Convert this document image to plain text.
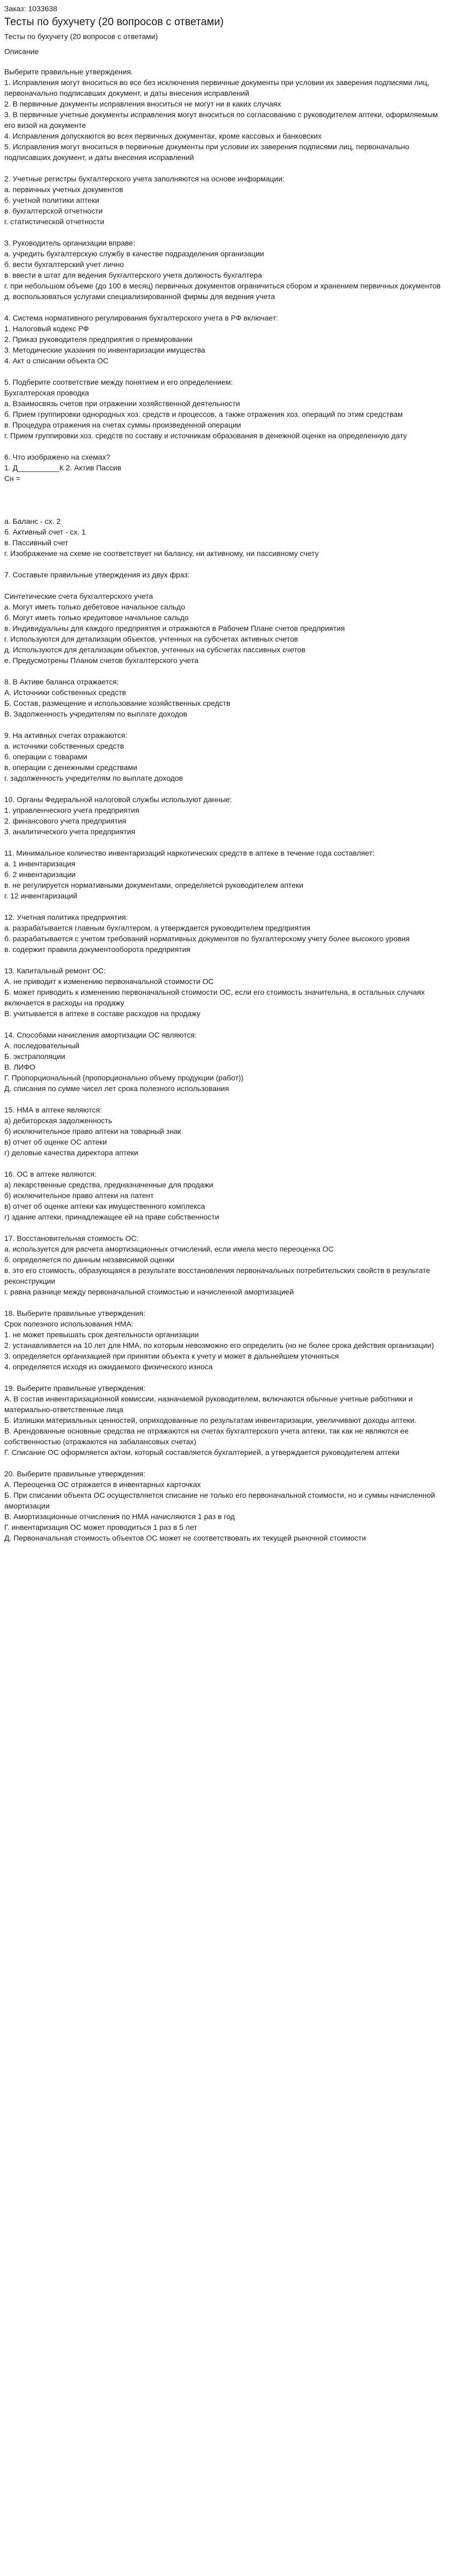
Заказ: 1033638
Тесты по бухучету (20 вопросов с ответами)
Тесты по бухучету (20 вопросов с ответами)
Описание
Выберите правильные утверждения.
1. Исправления могут вноситься во все без исключения первичные документы при условии их заверения подписями лиц, первоначально подписавших документ, и даты внесения исправлений
2. В первичные документы исправления вноситься не могут ни в каких случаях
3. В первичные учетные документы исправления могут вноситься по согласованию с руководителем аптеки, оформляемым его визой на документе
4. Исправления допускаются во всех первичных документах, кроме кассовых и банковских
5. Исправления могут вноситься в первичные документы при условии их заверения подписями лиц, первоначально подписавших документ, и даты внесения исправлений
2. Учетные регистры бухгалтерского учета заполняются на основе информации:
а. первичных учетных документов
б. учетной политики аптеки
в. бухгалтерской отчетности
г. статистической отчетности
3. Руководитель организации вправе:
а. учредить бухгалтерскую службу в качестве подразделения организации
б. вести бухгалтерский учет лично
в. ввести в штат для ведения бухгалтерского учета должность бухгалтера
г. при небольшом объеме (до 100 в месяц) первичных документов ограничиться сбором и хранением первичных документов
д. воспользоваться услугами специализированной фирмы для ведения учета
4. Система нормативного регулирования бухгалтерского учета в РФ включает:
1. Налоговый кодекс РФ
2. Приказ руководителя предприятия о премировании
3. Методические указания по инвентаризации имущества
4. Акт о списании объекта ОС
5. Подберите соответствие между понятием и его определением:
Бухгалтерская проводка
а. Взаимосвязь счетов при отражении хозяйственной деятельности
б. Прием группировки однородных хоз. средств и процессов, а также отражения хоз. операций по этим средствам
в. Процедура отражения на счетах суммы произведенной операции
г. Прием группировки хоз. средств по составу и источникам образования в денежной оценке на определенную дату
6. Что изображено на схемах?
1. Д__________К 2. Актив Пассив
Сн =
а. Баланс - сх. 2
б. Активный счет - сх. 1
в. Пассивный счет
г. Изображение на схеме не соответствует ни балансу, ни активному, ни пассивному счету
7. Составьте правильные утверждения из двух фраз:
Синтетические счета бухгалтерского учета
а. Могут иметь только дебетовое начальное сальдо
б. Могут иметь только кредитовое начальное сальдо
в. Индивидуальны для каждого предприятия и отражаются в Рабочем Плане счетов предприятия
г. Используются для детализации объектов, учтенных на субсчетах активных счетов
д. Используются для детализации объектов, учтенных на субсчетах пассивных счетов
е. Предусмотрены Планом счетов бухгалтерского учета
8. В Активе баланса отражается:
А. Источники собственных средств
Б. Состав, размещение и использование хозяйственных средств
В. Задолженность учредителям по выплате доходов
9. На активных счетах отражаются:
а. источники собственных средств
б. операции с товарами
в. операции с денежными средствами
г. задолженность учредителям по выплате доходов
10. Органы Федеральной налоговой службы используют данные:
1. управленческого учета предприятия
2. финансового учета предприятия
3. аналитического учета предприятия
11. Минимальное количество инвентаризаций наркотических средств в аптеке в течение года составляет:
а. 1 инвентаризация
б. 2 инвентаризации
в. не регулируется нормативными документами, определяется руководителем аптеки
г. 12 инвентаризаций
12. Учетная политика предприятия:
а. разрабатывается главным бухгалтером, а утверждается руководителем предприятия
б. разрабатывается с учетом требований нормативных документов по бухгалтерскому учету более высокого уровня
в. содержит правила документооборота предприятия
13. Капитальный ремонт ОС:
А. не приводит к изменению первоначальной стоимости ОС
Б. может приводить к изменению первоначальной стоимости ОС, если его стоимость значительна, в остальных случаях включается в расходы на продажу
В. учитывается в аптеке в составе расходов на продажу
14. Способами начисления амортизации ОС являются:
А. последовательный
Б. экстраполяции
В. ЛИФО
Г. Пропорциональный (пропорционально объему продукции (работ))
Д. списания по сумме чисел лет срока полезного использования
15. НМА в аптеке являются:
а) дебиторская задолженность
б) исключительное право аптеки на товарный знак
в) отчет об оценке ОС аптеки
г) деловые качества директора аптеки
16. ОС в аптеке являются:
а) лекарственные средства, предназначенные для продажи
б) исключительное право аптеки на патент
в) отчет об оценке аптеки как имущественного комплекса
г) здание аптеки, принадлежащее ей на праве собственности
17. Восстановительная стоимость ОС:
а. используется для расчета амортизационных отчислений, если имела место переоценка ОС
б. определяется по данным независимой оценки
в. это его стоимость, образующаяся в результате восстановления первоначальных потребительских свойств в результате реконструкции
г. равна разнице между первоначальной стоимостью и начисленной амортизацией
18. Выберите правильные утверждения:
Срок полезного использования НМА:
1. не может превышать срок деятельности организации
2. устанавливается на 10 лет для НМА, по которым невозможно его определить (но не более срока действия организации)
3. определяется организацией при принятии объекта к учету и может в дальнейшем уточняться
4. определяется исходя из ожидаемого физического износа
19. Выберите правильные утверждения:
А. В состав инвентаризационной комиссии, назначаемой руководителем, включаются обычные учетные работники и материально-ответственные лица
Б. Излишки материальных ценностей, оприходованные по результатам инвентаризации, увеличивают доходы аптеки.
В. Арендованные основные средства не отражаются на счетах бухгалтерского учета аптеки, так как не являются ее собственностью (отражаются на забалансовых счетах)
Г. Списание ОС оформляется актом, который составляется бухгалтерией, а утверждается руководителем аптеки
20. Выберите правильные утверждения:
А. Переоценка ОС отражается в инвентарных карточках
Б. При списании объекта ОС осуществляется списание не только его первоначальной стоимости, но и суммы начисленной амортизации
В. Амортизационные отчисления по НМА начисляются 1 раз в год
Г. инвентаризация ОС может проводиться 1 раз в 5 лет
Д. Первоначальная стоимость объектов ОС может не соответствовать их текущей рыночной стоимости
